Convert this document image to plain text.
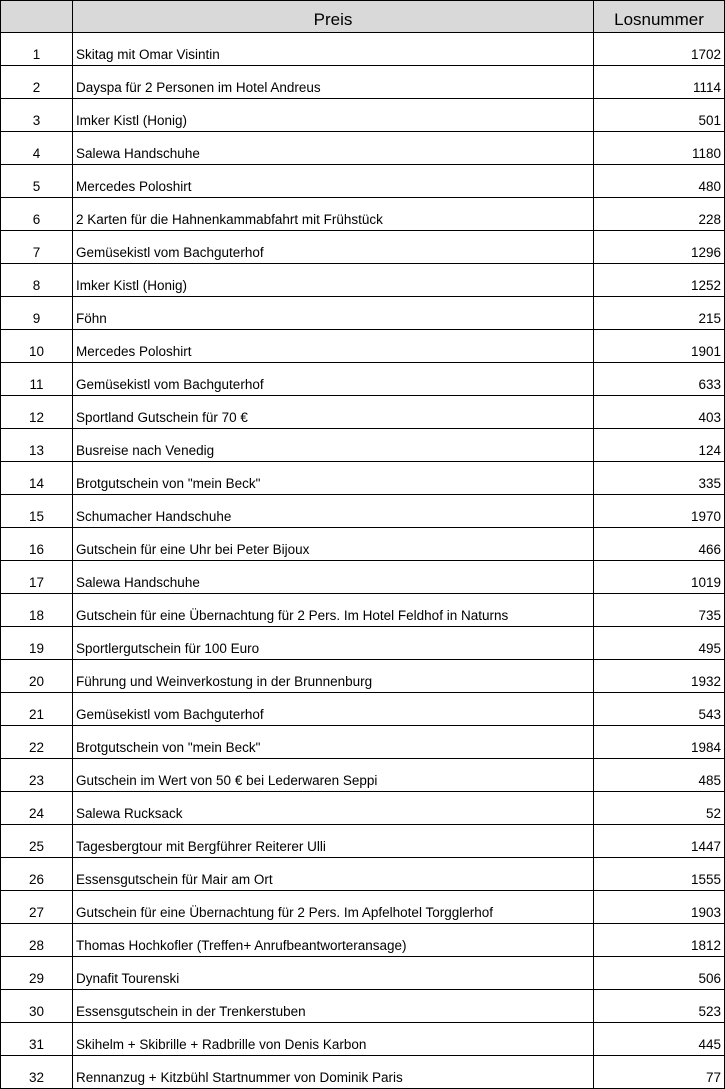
	Preis	Losnummer
1	Skitag mit Omar Visintin	1702
2	Dayspa für 2 Personen im Hotel Andreus	1114
3	Imker Kistl (Honig)	501
4	Salewa Handschuhe	1180
5	Mercedes Poloshirt	480
6	2 Karten für die Hahnenkammabfahrt mit Frühstück	228
7	Gemüsekistl vom Bachguterhof	1296
8	Imker Kistl (Honig)	1252
9	Föhn	215
10	Mercedes Poloshirt	1901
11	Gemüsekistl vom Bachguterhof	633
12	Sportland Gutschein für 70 €	403
13	Busreise nach Venedig	124
14	Brotgutschein von "mein Beck"	335
15	Schumacher Handschuhe	1970
16	Gutschein für eine Uhr bei Peter Bijoux	466
17	Salewa Handschuhe	1019
18	Gutschein für eine Übernachtung für 2 Pers. Im Hotel Feldhof in Naturns	735
19	Sportlergutschein für 100 Euro	495
20	Führung und Weinverkostung in der Brunnenburg	1932
21	Gemüsekistl vom Bachguterhof	543
22	Brotgutschein von "mein Beck"	1984
23	Gutschein im Wert von 50 € bei Lederwaren Seppi	485
24	Salewa Rucksack	52
25	Tagesbergtour mit Bergführer Reiterer Ulli	1447
26	Essensgutschein für Mair am Ort	1555
27	Gutschein für eine Übernachtung für 2 Pers. Im Apfelhotel Torgglerhof	1903
28	Thomas Hochkofler (Treffen+ Anrufbeantworteransage)	1812
29	Dynafit Tourenski	506
30	Essensgutschein in der Trenkerstuben	523
31	Skihelm + Skibrille + Radbrille von Denis Karbon	445
32	Rennanzug + Kitzbühl Startnummer von Dominik Paris	77
